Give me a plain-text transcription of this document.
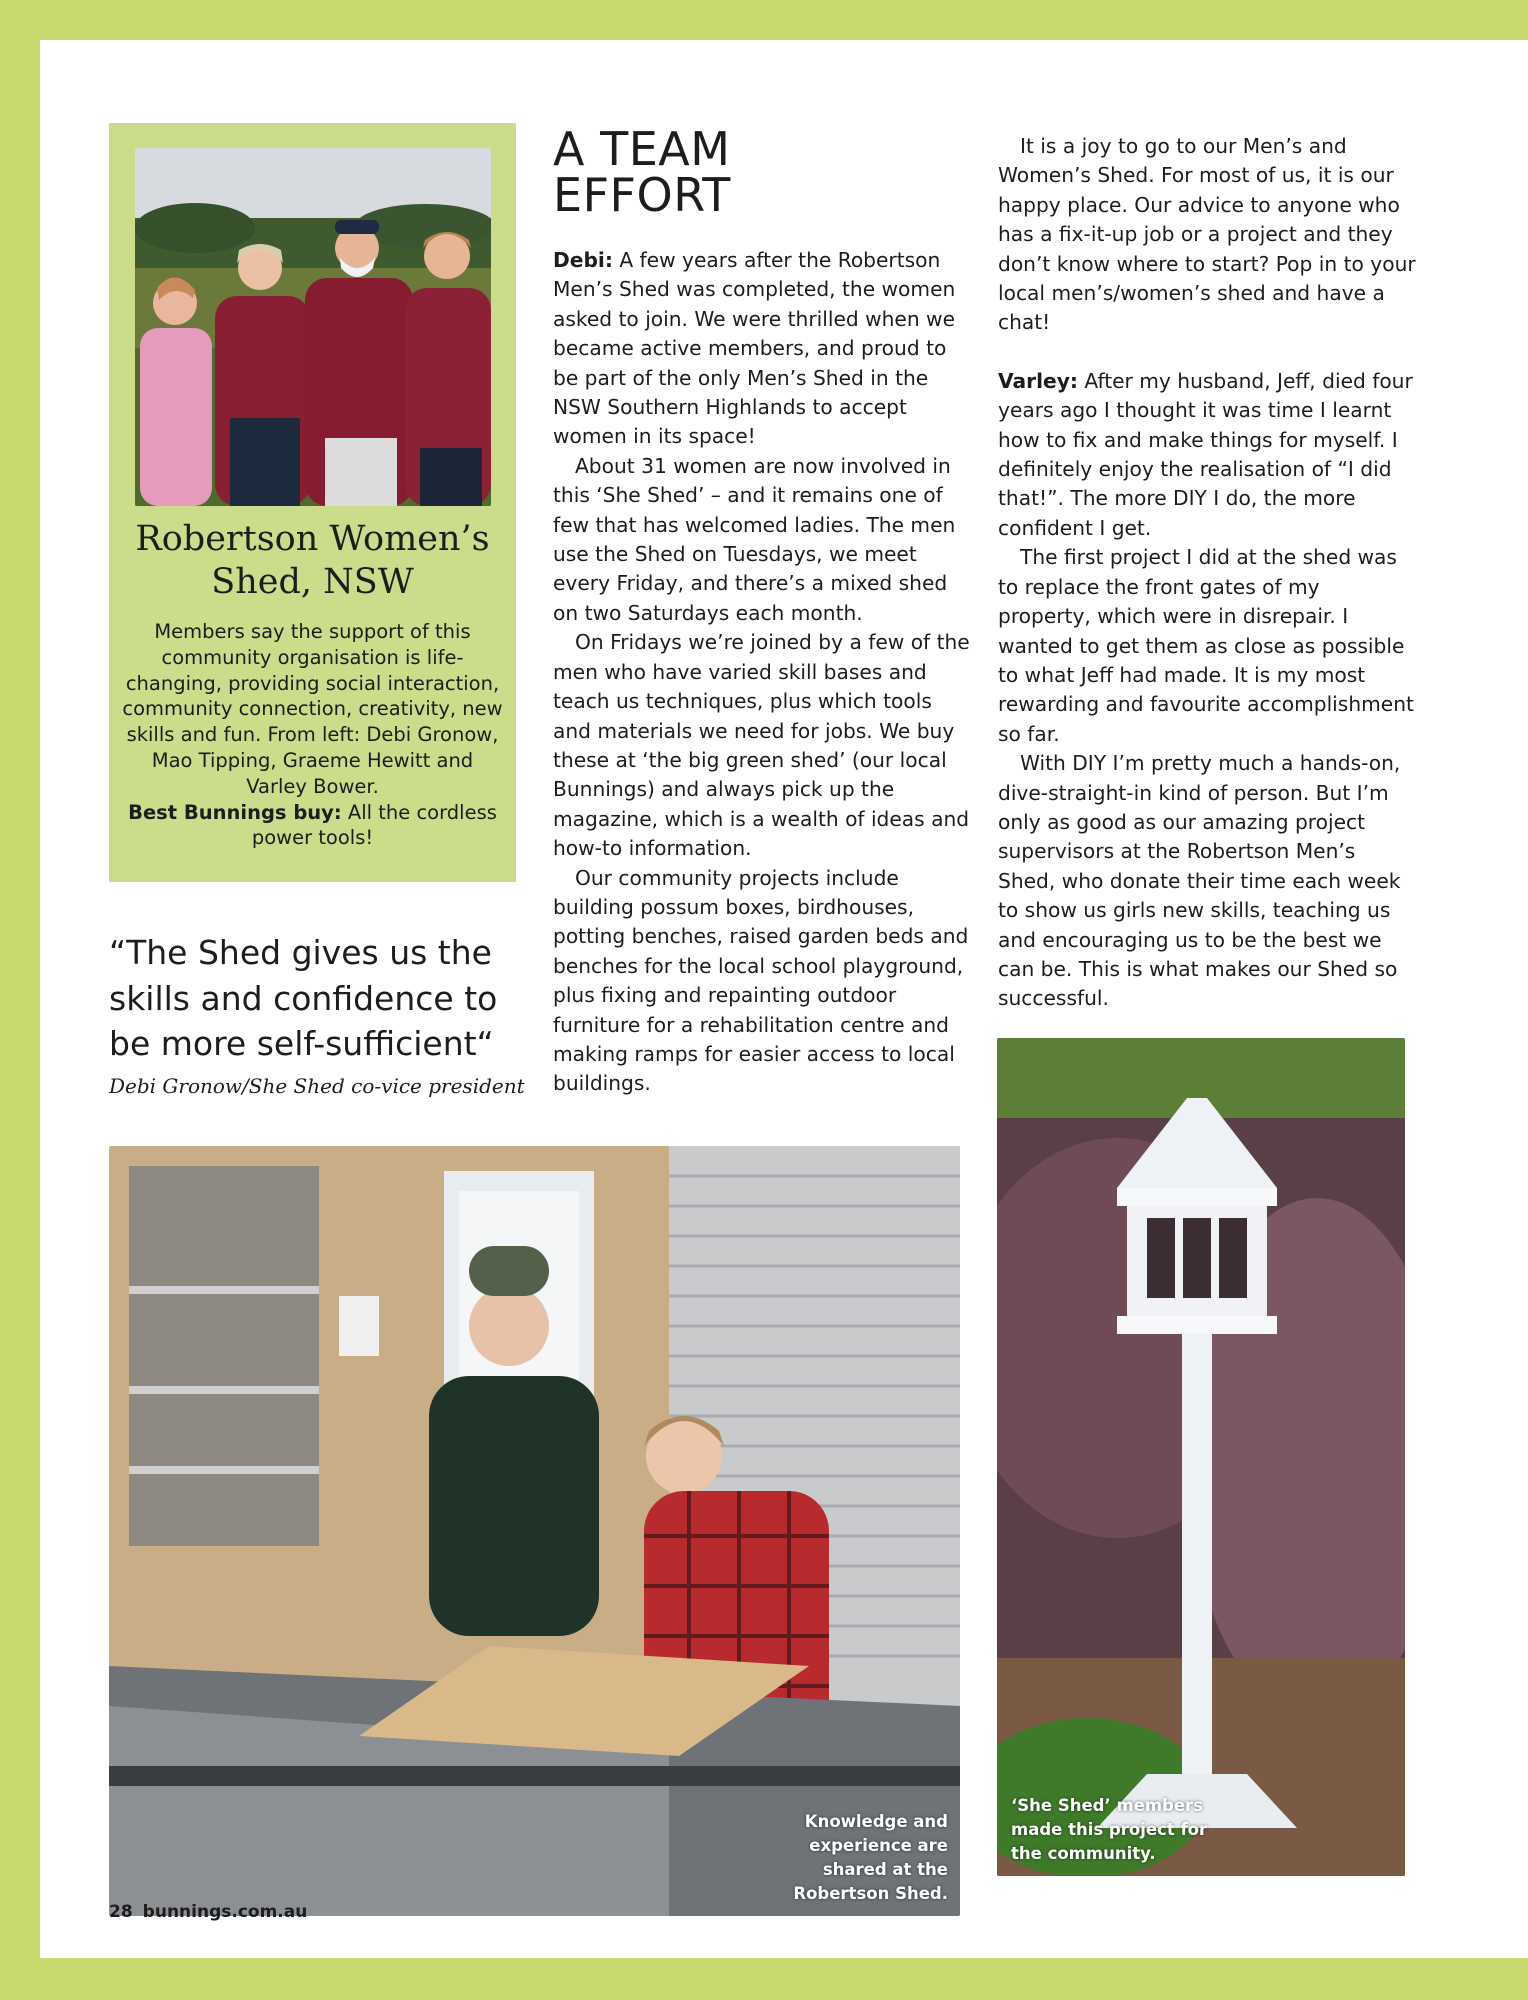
Robertson Women’s Shed, NSW
Members say the support of this community organisation is life-changing, providing social interaction, community connection, creativity, new skills and fun. From left: Debi Gronow, Mao Tipping, Graeme Hewitt and Varley Bower.
Best Bunnings buy: All the cordless power tools!
“The Shed gives us the skills and confidence to be more self-sufficient“
Debi Gronow/She Shed co-vice president
A TEAM
EFFORT

Debi: A few years after the Robertson Men’s Shed was completed, the women asked to join. We were thrilled when we became active members, and proud to be part of the only Men’s Shed in the NSW Southern Highlands to accept women in its space!

About 31 women are now involved in this ‘She Shed’ – and it remains one of few that has welcomed ladies. The men use the Shed on Tuesdays, we meet every Friday, and there’s a mixed shed on two Saturdays each month.

On Fridays we’re joined by a few of the men who have varied skill bases and teach us techniques, plus which tools and materials we need for jobs. We buy these at ‘the big green shed’ (our local Bunnings) and always pick up the magazine, which is a wealth of ideas and how-to information.

Our community projects include building possum boxes, birdhouses, potting benches, raised garden beds and benches for the local school playground, plus fixing and repainting outdoor furniture for a rehabilitation centre and making ramps for easier access to local buildings.

It is a joy to go to our Men’s and Women’s Shed. For most of us, it is our happy place. Our advice to anyone who has a fix-it-up job or a project and they don’t know where to start? Pop in to your local men’s/women’s shed and have a chat!

Varley: After my husband, Jeff, died four years ago I thought it was time I learnt how to fix and make things for myself. I definitely enjoy the realisation of “I did that!”. The more DIY I do, the more confident I get.

The first project I did at the shed was to replace the front gates of my property, which were in disrepair. I wanted to get them as close as possible to what Jeff had made. It is my most rewarding and favourite accomplishment so far.

With DIY I’m pretty much a hands-on, dive-straight-in kind of person. But I’m only as good as our amazing project supervisors at the Robertson Men’s Shed, who donate their time each week to show us girls new skills, teaching us and encouraging us to be the best we can be. This is what makes our Shed so successful.

Knowledge and experience are shared at the Robertson Shed.
‘She Shed’ members made this project for the community.
28 bunnings.com.au
